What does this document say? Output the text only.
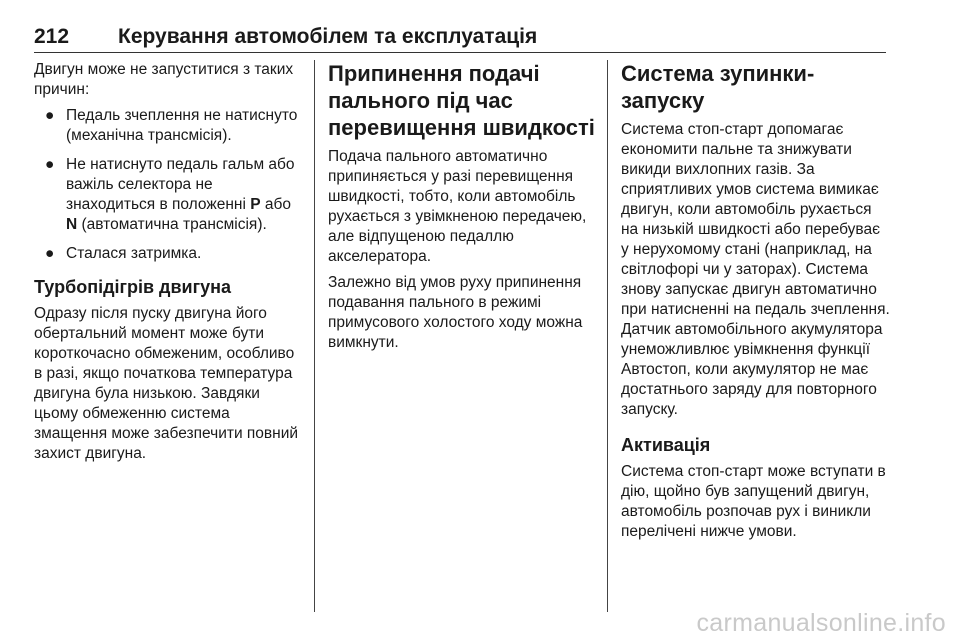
212	Керування автомобілем та експлуатація

Двигун може не запуститися з таких причин:

● Педаль зчеплення не натиснуто (механічна трансмісія).
● Не натиснуто педаль гальм або важіль селектора не знаходиться в положенні P або N (автоматична трансмісія).
● Сталася затримка.
Турбопідігрів двигуна

Одразу після пуску двигуна його обертальний момент може бути короткочасно обмеженим, особливо в разі, якщо початкова температура двигуна була низькою. Завдяки цьому обмеженню система змащення може забезпечити повний захист двигуна.

Припинення подачі пального під час перевищення швидкості

Подача пального автоматично припиняється у разі перевищення швидкості, тобто, коли автомобіль рухається з увімкненою передачею, але відпущеною педаллю акселератора.

Залежно від умов руху припинення подавання пального в режимі примусового холостого ходу можна вимкнути.

Система зупинки-запуску

Система стоп-старт допомагає економити пальне та знижувати викиди вихлопних газів. За сприятливих умов система вимикає двигун, коли автомобіль рухається на низькій швидкості або перебуває у нерухомому стані (наприклад, на світлофорі чи у заторах). Система знову запускає двигун автоматично при натисненні на педаль зчеплення. Датчик автомобільного акумулятора унеможливлює увімкнення функції Автостоп, коли акумулятор не має достатнього заряду для повторного запуску.

Активація

Система стоп-старт може вступати в дію, щойно був запущений двигун, автомобіль розпочав рух і виникли перелічені нижче умови.

carmanualsonline.info
